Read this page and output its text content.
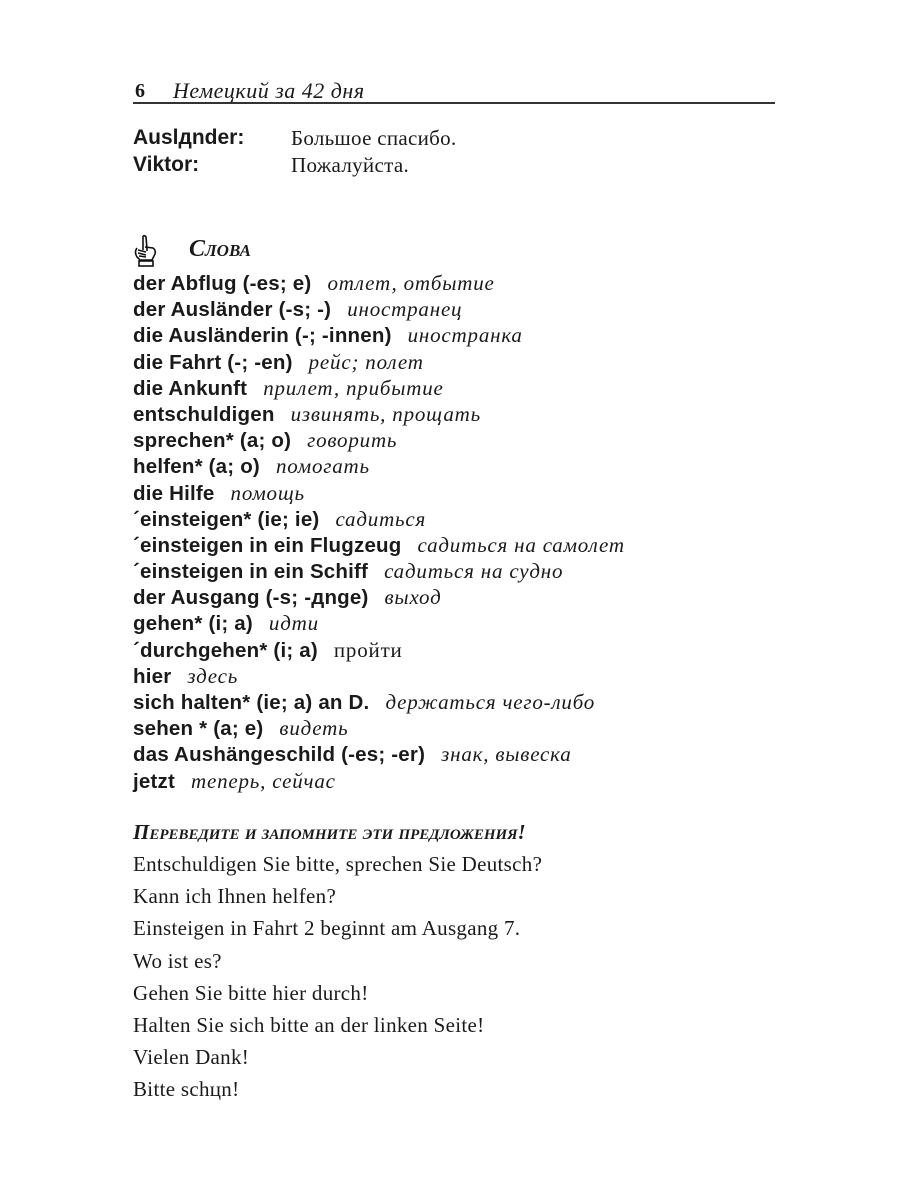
6 Немецкий за 42 дня
Auslдnder: Большое спасибо.
Viktor:	Пожалуйста.
Слова
der Abflug (-es; e) отлет, отбытие
der Ausländer (-s; -) иностранец
die Ausländerin (-; -innen) иностранка
die Fahrt (-; -en) рейс; полет
die Ankunft прилет, прибытие
entschuldigen извинять, прощать
sprechen* (a; o) говорить
helfen* (a; o) помогать
die Hilfe помощь
´einsteigen* (ie; ie) садиться
´einsteigen in ein Flugzeug садиться на самолет
´einsteigen in ein Schiff садиться на судно
der Ausgang (-s; -дnge) выход
gehen* (i; a) идти
´durchgehen* (i; a) пройти
hier здесь
sich halten* (ie; a) an D. держаться чего-либо
sehen * (a; e) видеть
das Aushängeschild (-es; -er) знак, вывеска
jetzt теперь, сейчас
Переведите и запомните эти предложения!
Entschuldigen Sie bitte, sprechen Sie Deutsch?
Kann ich Ihnen helfen?
Einsteigen in Fahrt 2 beginnt am Ausgang 7.
Wo ist es?
Gehen Sie bitte hier durch!
Halten Sie sich bitte an der linken Seite!
Vielen Dank!
Bitte schцn!
